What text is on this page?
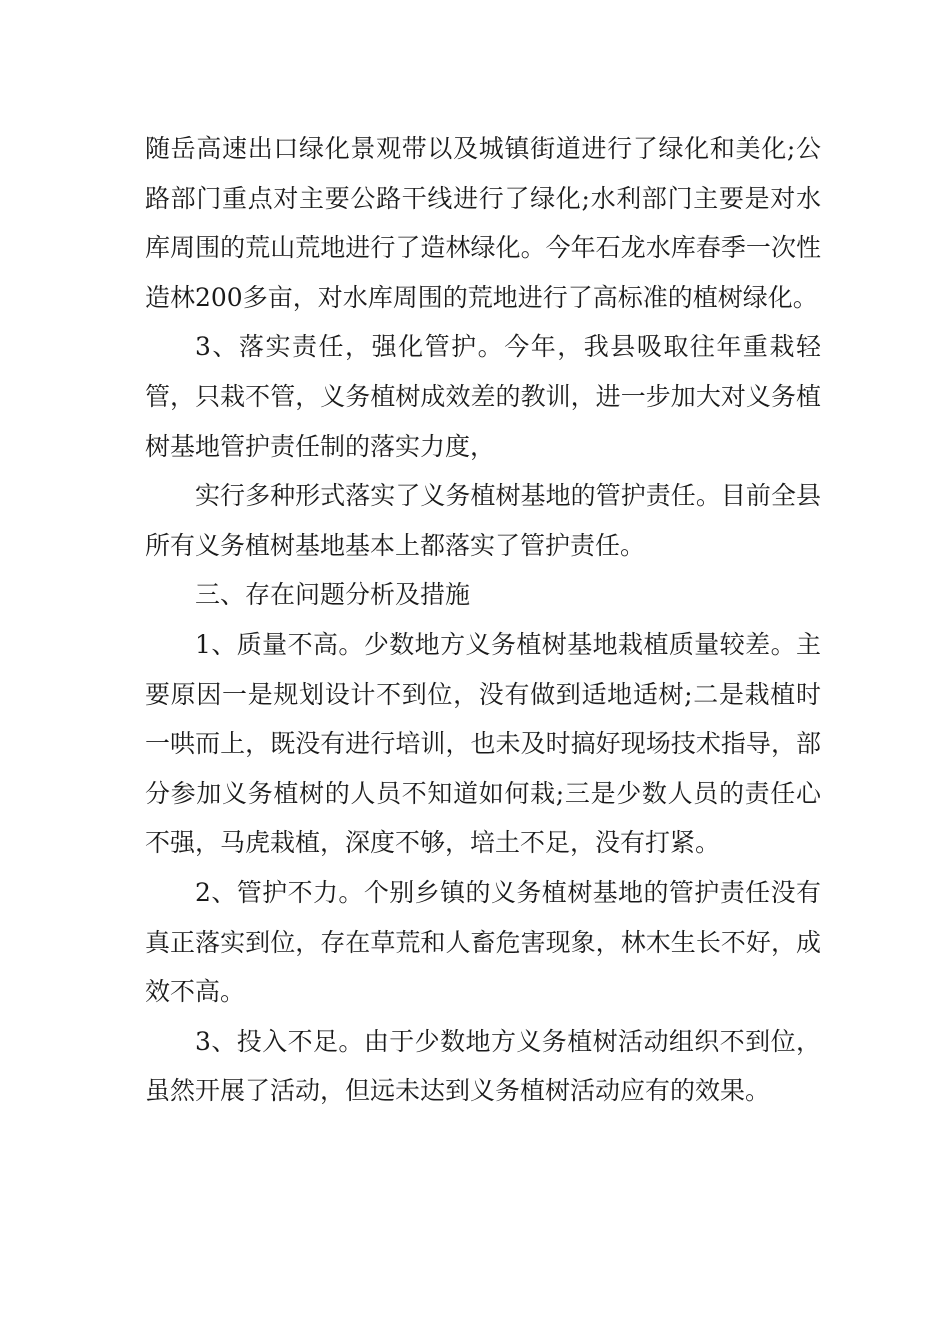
随岳高速出口绿化景观带以及城镇街道进行了绿化和美化;公路部门重点对主要公路干线进行了绿化;水利部门主要是对水库周围的荒山荒地进行了造林绿化。今年石龙水库春季一次性造林200多亩，对水库周围的荒地进行了高标准的植树绿化。

3、落实责任，强化管护。今年，我县吸取往年重栽轻管，只栽不管，义务植树成效差的教训，进一步加大对义务植树基地管护责任制的落实力度，

实行多种形式落实了义务植树基地的管护责任。目前全县所有义务植树基地基本上都落实了管护责任。

三、存在问题分析及措施

1、质量不高。少数地方义务植树基地栽植质量较差。主要原因一是规划设计不到位，没有做到适地适树;二是栽植时一哄而上，既没有进行培训，也未及时搞好现场技术指导，部分参加义务植树的人员不知道如何栽;三是少数人员的责任心不强，马虎栽植，深度不够，培土不足，没有打紧。

2、管护不力。个别乡镇的义务植树基地的管护责任没有真正落实到位，存在草荒和人畜危害现象，林木生长不好，成效不高。

3、投入不足。由于少数地方义务植树活动组织不到位，虽然开展了活动，但远未达到义务植树活动应有的效果。
